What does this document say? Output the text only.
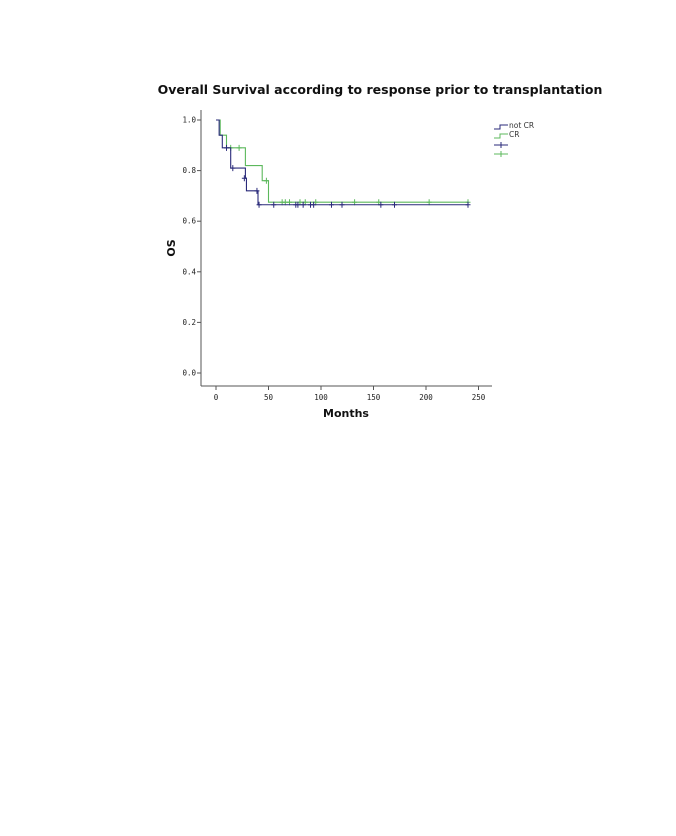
Overall Survival according to response prior to transplantation
0	50	100	150	200	250
0.0
0.2
0.4
0.6
0.8
1.0
Months
OS
not CR
CR
